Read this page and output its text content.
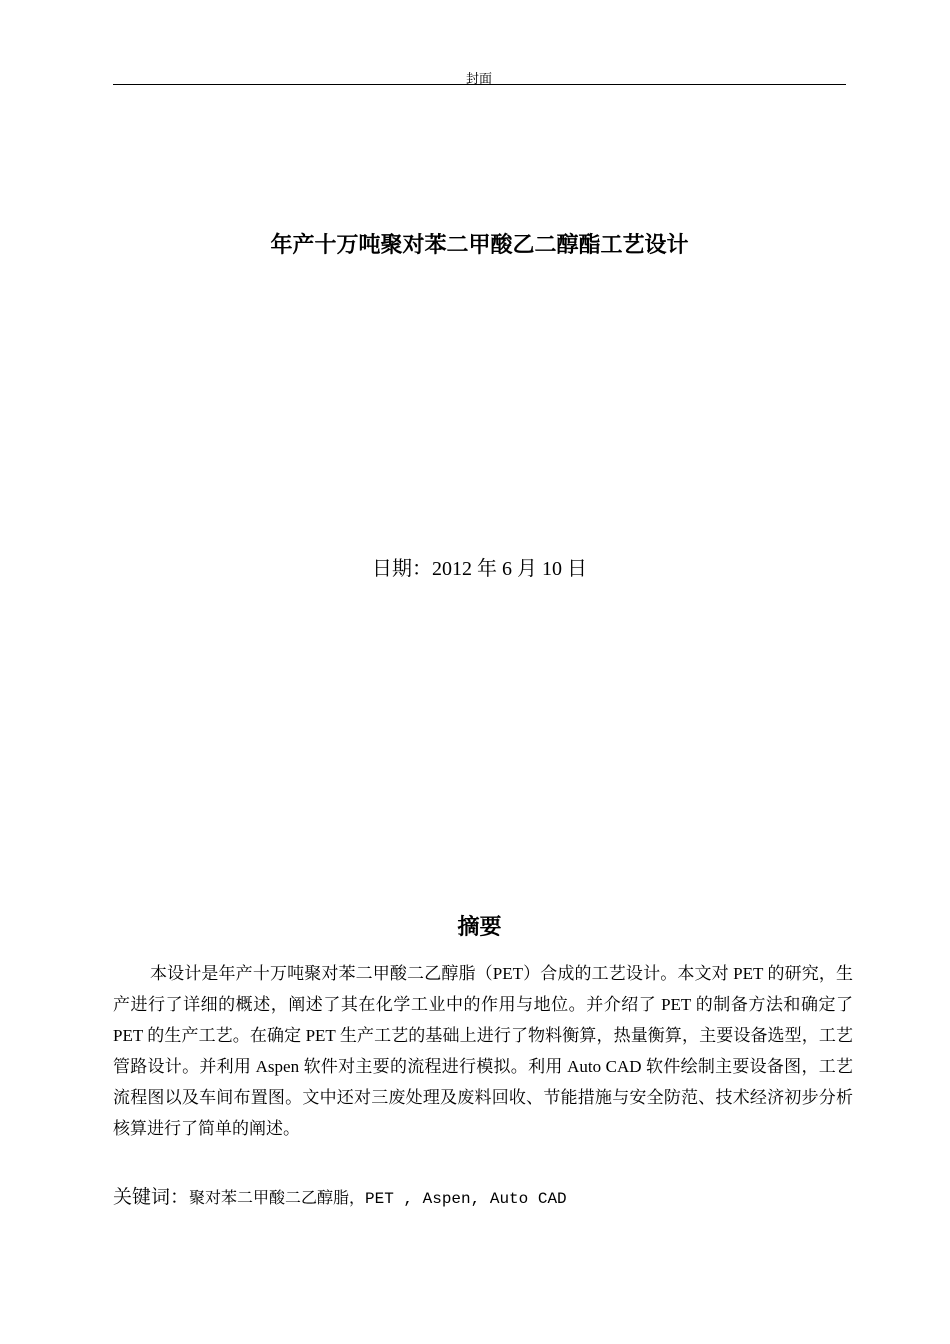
封面
年产十万吨聚对苯二甲酸乙二醇酯工艺设计
日期：2012 年 6 月 10 日
摘要

本设计是年产十万吨聚对苯二甲酸二乙醇脂（PET）合成的工艺设计。本文对 PET 的研究，生产进行了详细的概述，阐述了其在化学工业中的作用与地位。并介绍了 PET 的制备方法和确定了 PET 的生产工艺。在确定 PET 生产工艺的基础上进行了物料衡算，热量衡算，主要设备选型，工艺管路设计。并利用 Aspen 软件对主要的流程进行模拟。利用 Auto CAD 软件绘制主要设备图，工艺流程图以及车间布置图。文中还对三废处理及废料回收、节能措施与安全防范、技术经济初步分析核算进行了简单的阐述。

关键词：聚对苯二甲酸二乙醇脂，PET , Aspen, Auto CAD
